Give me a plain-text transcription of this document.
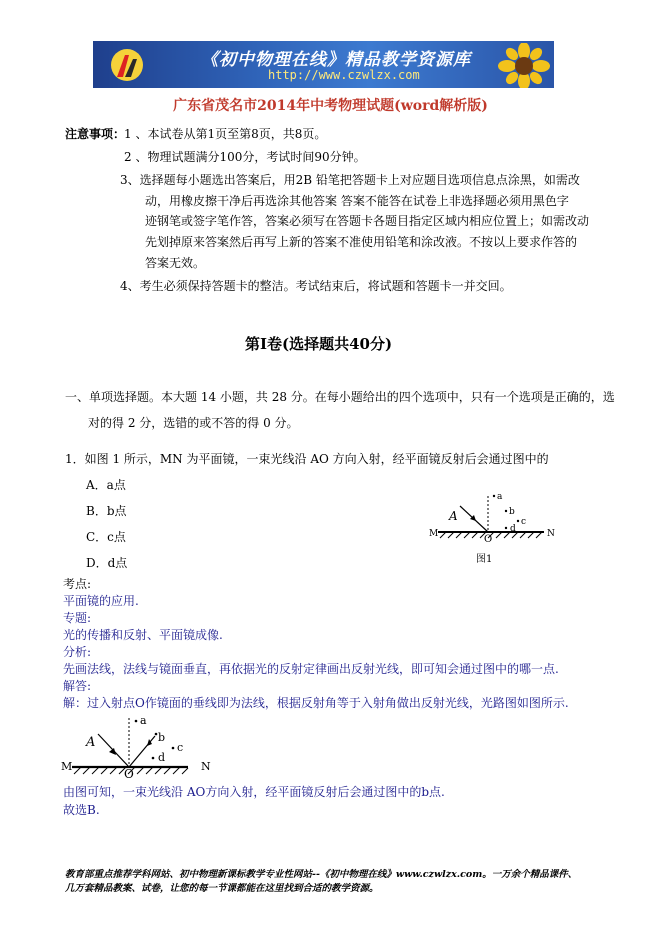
《初中物理在线》精品教学资源库
http://www.czwlzx.com
广东省茂名市2014年中考物理试题(word解析版)
注意事项：
1 、本试卷从第1页至第8页，共8页。
2 、物理试题满分100分，考试时间90分钟。
3、选择题每小题选出答案后，用2B 铅笔把答题卡上对应题目选项信息点涂黑，如需改
动，用橡皮擦干净后再选涂其他答案 答案不能答在试卷上非选择题必须用黑色字
迹钢笔或签字笔作答，答案必须写在答题卡各题目指定区域内相应位置上；如需改动
先划掉原来答案然后再写上新的答案不准使用铅笔和涂改液。不按以上要求作答的
答案无效。
4、考生必须保持答题卡的整洁。考试结束后，将试题和答题卡一并交回。
第Ⅰ卷(选择题共40分)
一、单项选择题。本大题 14 小题，共 28 分。在每小题给出的四个选项中，只有一个选项是正确的，选
对的得 2 分，选错的或不答的得 0 分。
1．如图 1 所示，MN 为平面镜，一束光线沿 AO 方向入射，经平面镜反射后会通过图中的
A．a点
B．b点
C．c点
D．d点
A
O
M	N
a
b
c
d
图1
考点:
平面镜的应用.
专题:
光的传播和反射、平面镜成像.
分析:
先画法线，法线与镜面垂直，再依据光的反射定律画出反射光线，即可知会通过图中的哪一点.
解答:
解：过入射点O作镜面的垂线即为法线，根据反射角等于入射角做出反射光线，光路图如图所示.
A
O
M	N
a
b
c
d
由图可知，一束光线沿 AO方向入射，经平面镜反射后会通过图中的b点.
故选B.
教育部重点推荐学科网站、初中物理新课标教学专业性网站--《初中物理在线》www.czwlzx.com。一万余个精品课件、
几万套精品教案、试卷，让您的每一节课都能在这里找到合适的教学资源。
